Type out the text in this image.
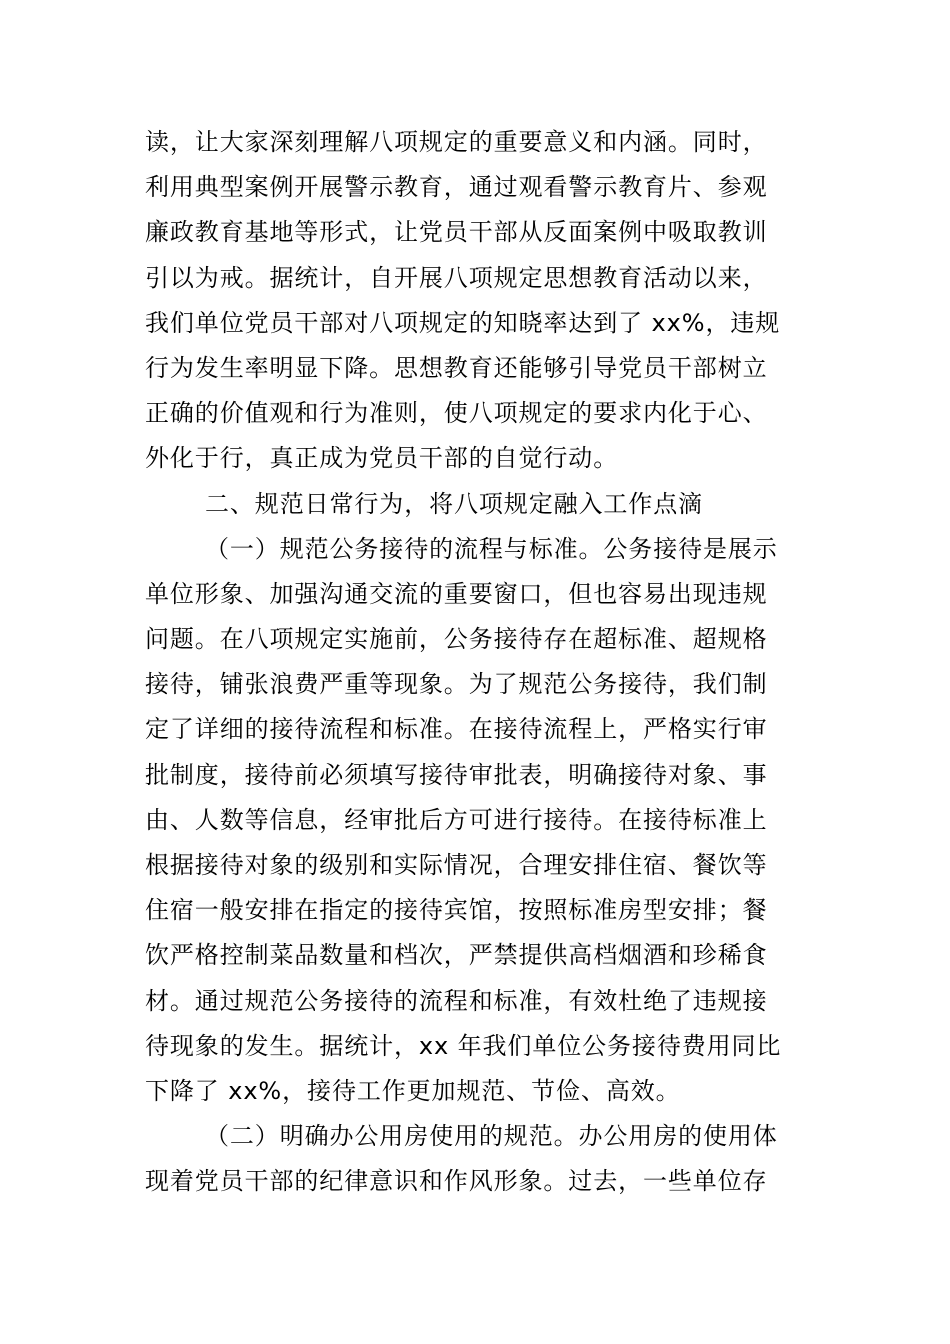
读，让大家深刻理解八项规定的重要意义和内涵。同时，
利用典型案例开展警示教育，通过观看警示教育片、参观
廉政教育基地等形式，让党员干部从反面案例中吸取教训
引以为戒。据统计，自开展八项规定思想教育活动以来，
我们单位党员干部对八项规定的知晓率达到了 xx%，违规
行为发生率明显下降。思想教育还能够引导党员干部树立
正确的价值观和行为准则，使八项规定的要求内化于心、
外化于行，真正成为党员干部的自觉行动。
二、规范日常行为，将八项规定融入工作点滴
（一）规范公务接待的流程与标准。公务接待是展示
单位形象、加强沟通交流的重要窗口，但也容易出现违规
问题。在八项规定实施前，公务接待存在超标准、超规格
接待，铺张浪费严重等现象。为了规范公务接待，我们制
定了详细的接待流程和标准。在接待流程上，严格实行审
批制度，接待前必须填写接待审批表，明确接待对象、事
由、人数等信息，经审批后方可进行接待。在接待标准上
根据接待对象的级别和实际情况，合理安排住宿、餐饮等
住宿一般安排在指定的接待宾馆，按照标准房型安排；餐
饮严格控制菜品数量和档次，严禁提供高档烟酒和珍稀食
材。通过规范公务接待的流程和标准，有效杜绝了违规接
待现象的发生。据统计，xx 年我们单位公务接待费用同比
下降了 xx%，接待工作更加规范、节俭、高效。
（二）明确办公用房使用的规范。办公用房的使用体
现着党员干部的纪律意识和作风形象。过去，一些单位存
